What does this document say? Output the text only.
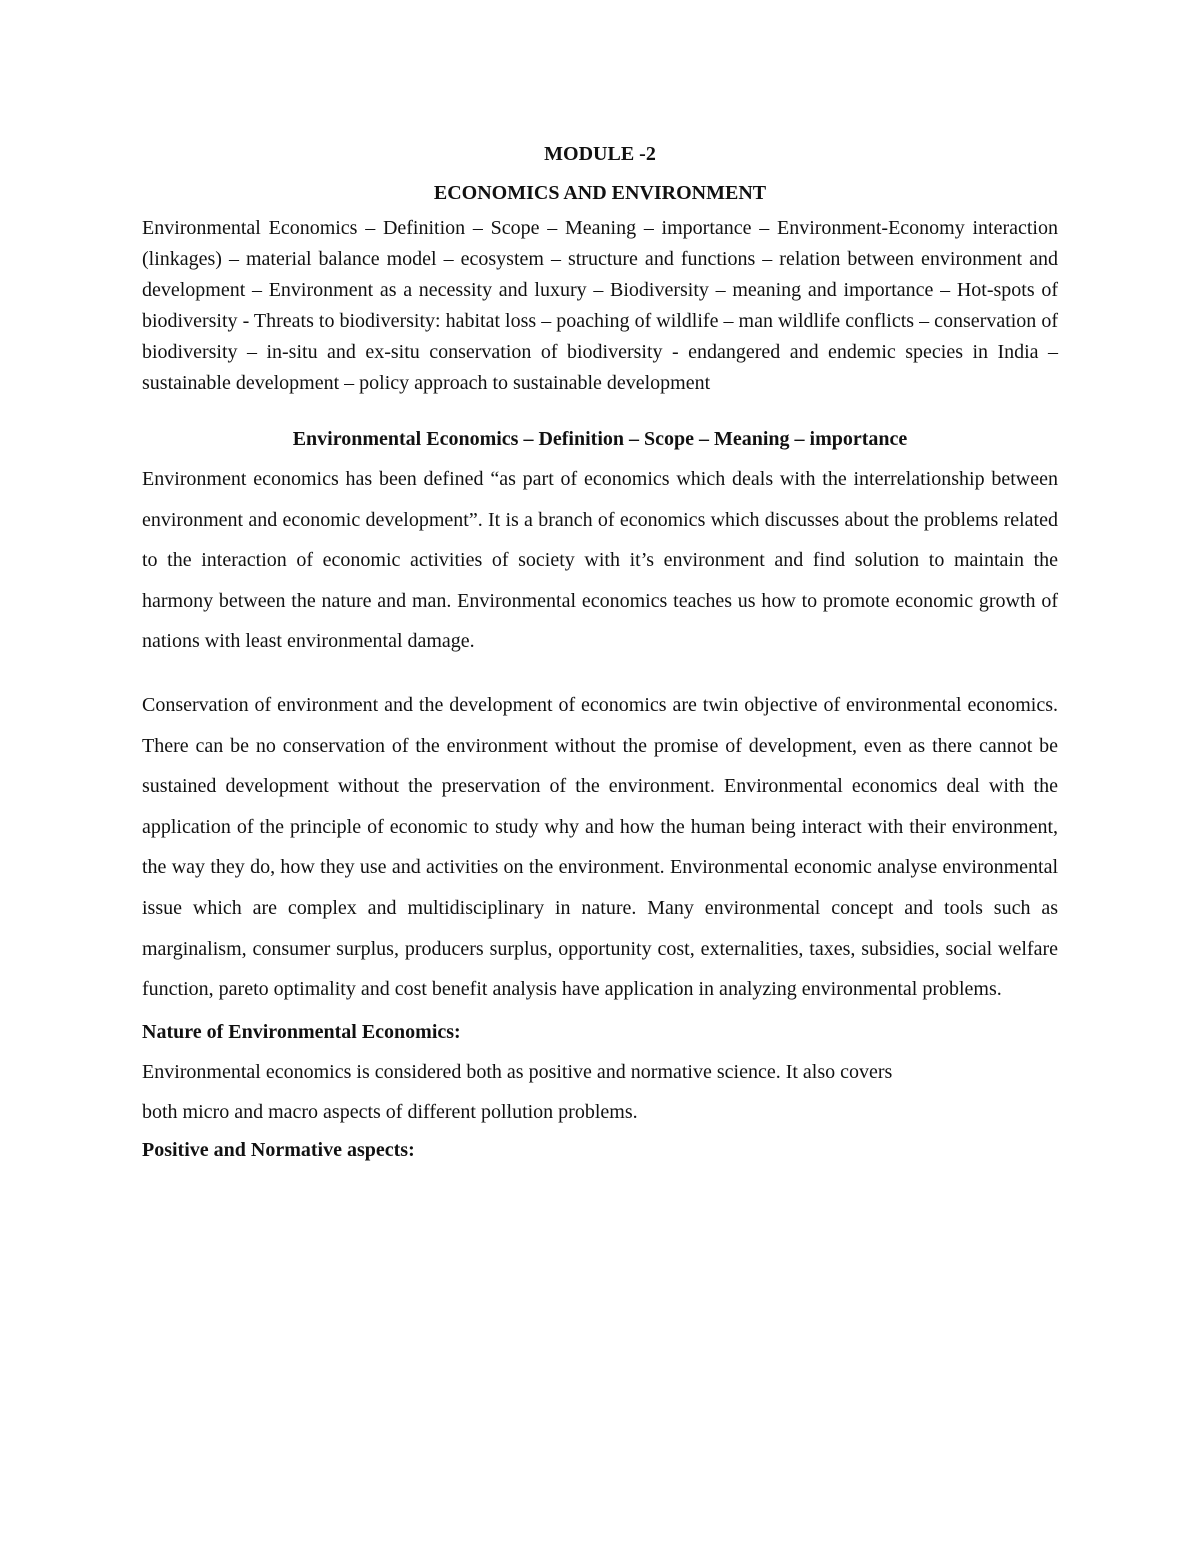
MODULE -2

ECONOMICS AND ENVIRONMENT

Environmental Economics – Definition – Scope – Meaning – importance – Environment-Economy interaction (linkages) – material balance model – ecosystem – structure and functions – relation between environment and development – Environment as a necessity and luxury – Biodiversity – meaning and importance – Hot-spots of biodiversity - Threats to biodiversity: habitat loss – poaching of wildlife – man wildlife conflicts – conservation of biodiversity – in-situ and ex-situ conservation of biodiversity - endangered and endemic species in India – sustainable development – policy approach to sustainable development

Environmental Economics – Definition – Scope – Meaning – importance

Environment economics has been defined “as part of economics which deals with the interrelationship between environment and economic development”. It is a branch of economics which discusses about the problems related to the interaction of economic activities of society with it’s environment and find solution to maintain the harmony between the nature and man. Environmental economics teaches us how to promote economic growth of nations with least environmental damage.

Conservation of environment and the development of economics are twin objective of environmental economics. There can be no conservation of the environment without the promise of development, even as there cannot be sustained development without the preservation of the environment. Environmental economics deal with the application of the principle of economic to study why and how the human being interact with their environment, the way they do, how they use and activities on the environment. Environmental economic analyse environmental issue which are complex and multidisciplinary in nature. Many environmental concept and tools such as marginalism, consumer surplus, producers surplus, opportunity cost, externalities, taxes, subsidies, social welfare function, pareto optimality and cost benefit analysis have application in analyzing environmental problems.

Nature of Environmental Economics:

Environmental economics is considered both as positive and normative science. It also covers
both micro and macro aspects of different pollution problems.

Positive and Normative aspects:
